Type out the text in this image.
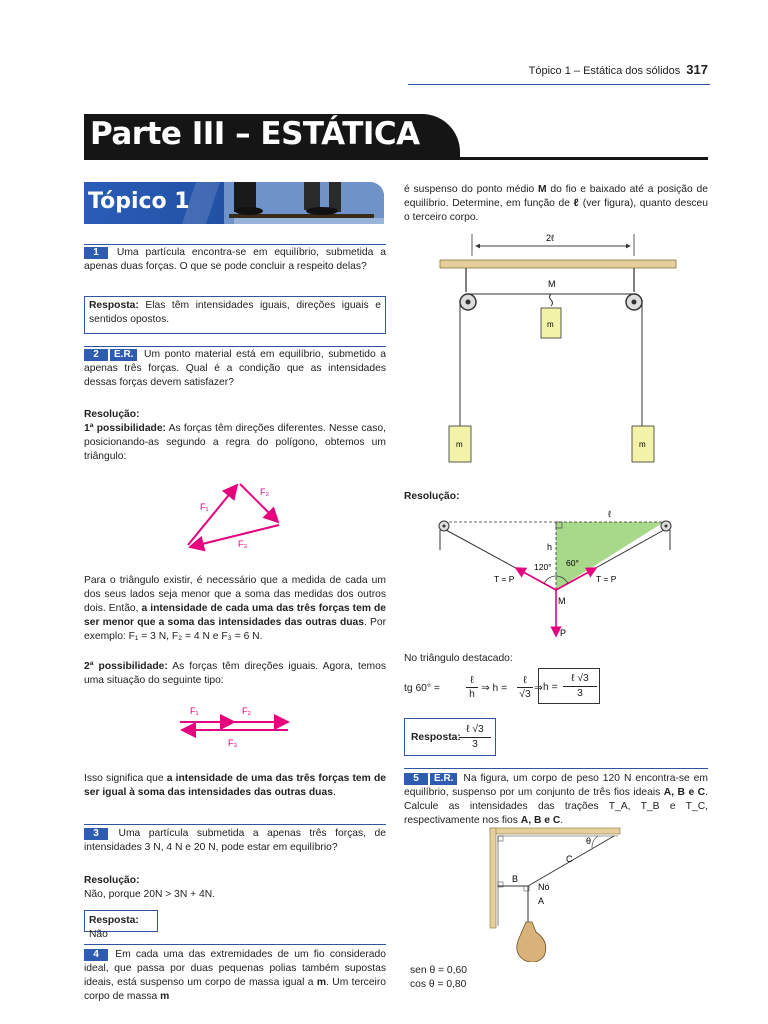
Tópico 1 – Estática dos sólidos 317
Parte III – ESTÁTICA
Tópico 1
1 Uma partícula encontra-se em equilíbrio, submetida a apenas duas forças. O que se pode concluir a respeito delas?
Resposta: Elas têm intensidades iguais, direções iguais e sentidos opostos.
2 E.R. Um ponto material está em equilíbrio, submetido a apenas três forças. Qual é a condição que as intensidades dessas forças devem satisfazer?
Resolução:
1ª possibilidade: As forças têm direções diferentes. Nesse caso, posicionando-as segundo a regra do polígono, obtemos um triângulo:
F₁
F₂
F₃
Para o triângulo existir, é necessário que a medida de cada um dos seus lados seja menor que a soma das medidas dos outros dois. Então, a intensidade de cada uma das três forças tem de ser menor que a soma das intensidades das outras duas. Por exemplo: F₁ = 3 N, F₂ = 4 N e F₃ = 6 N.
2ª possibilidade: As forças têm direções iguais. Agora, temos uma situação do seguinte tipo:
F₁	F₂
F₃
Isso significa que a intensidade de uma das três forças tem de ser igual à soma das intensidades das outras duas.
3 Uma partícula submetida a apenas três forças, de intensidades 3 N, 4 N e 20 N, pode estar em equilíbrio?
Resolução:
Não, porque 20N > 3N + 4N.
Resposta: Não
4 Em cada uma das extremidades de um fio considerado ideal, que passa por duas pequenas polias também supostas ideais, está suspenso um corpo de massa igual a m. Um terceiro corpo de massa m
é suspenso do ponto médio M do fio e baixado até a posição de equilíbrio. Determine, em função de ℓ (ver figura), quanto desceu o terceiro corpo.
2ℓ
M
m
m	m
Resolução:
ℓ
h
120° 60°
T = P	T = P
M
P
No triângulo destacado:
tg 60° =
ℓ
h
⇒ h =
ℓ
√3
⇒ h =
ℓ √3
3
Resposta:
ℓ √3
3
5 E.R. Na figura, um corpo de peso 120 N encontra-se em equilíbrio, suspenso por um conjunto de três fios ideais A, B e C. Calcule as intensidades das trações T_A, T_B e T_C, respectivamente nos fios A, B e C.
θ
C
B
Nó
A
sen θ = 0,60
cos θ = 0,80
